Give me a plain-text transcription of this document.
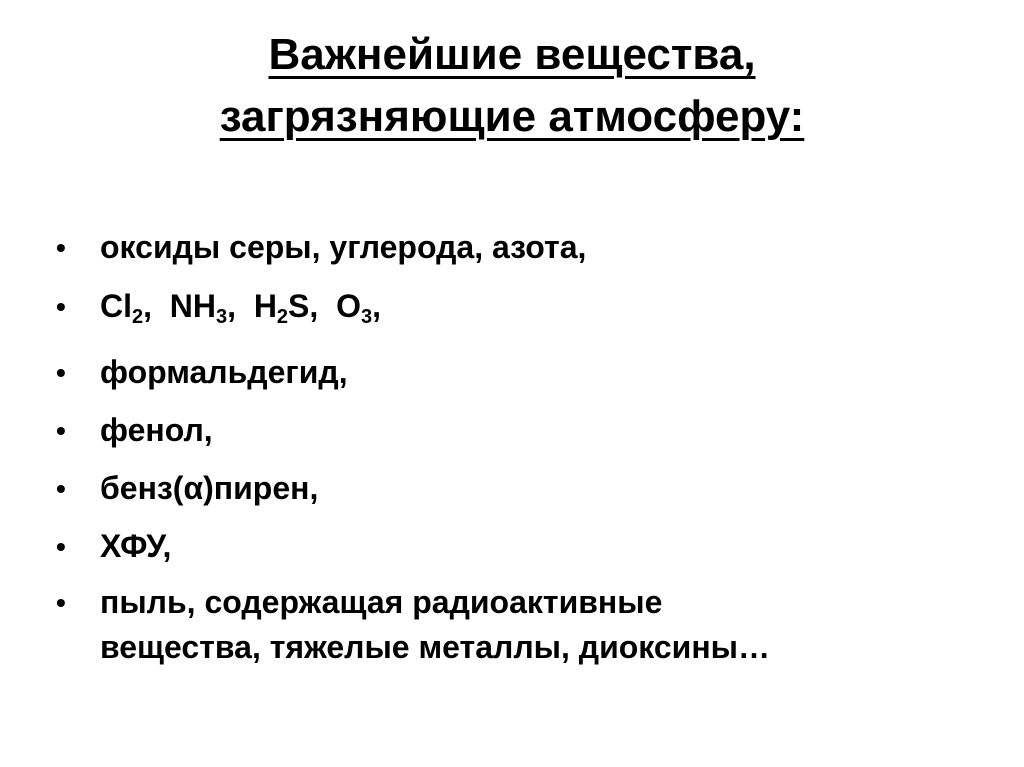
Важнейшие вещества,
загрязняющие атмосферу:
•	оксиды серы, углерода, азота,
•	$Cl_2$,  $NH_3$,  $H_2S$,  $O_3$,
•	формальдегид,
•	фенол,
•	бенз(α)пирен,
•	ХФУ,
•	пыль, содержащая радиоактивные
вещества, тяжелые металлы, диоксины…
